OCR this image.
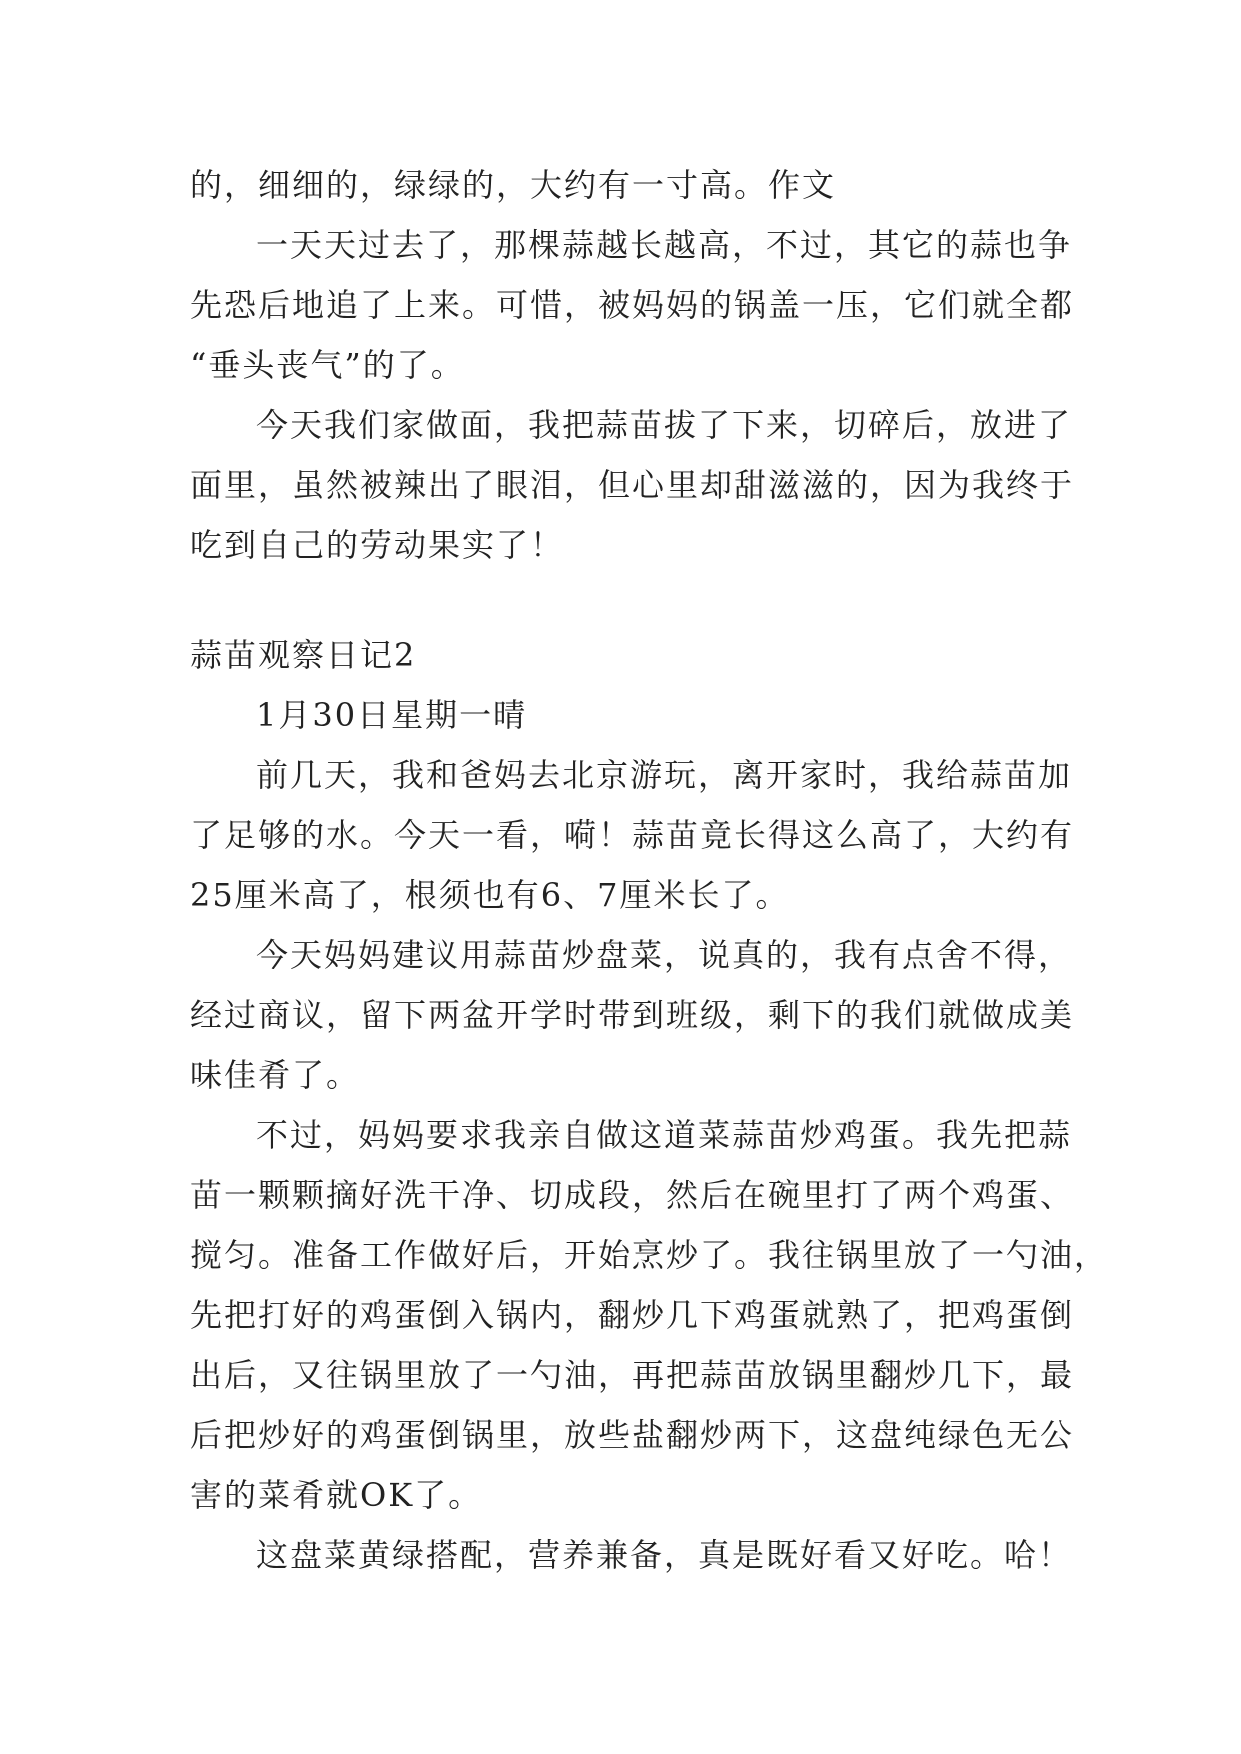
的，细细的，绿绿的，大约有一寸高。作文
一天天过去了，那棵蒜越长越高，不过，其它的蒜也争
先恐后地追了上来。可惜，被妈妈的锅盖一压，它们就全都
“垂头丧气”的了。
今天我们家做面，我把蒜苗拔了下来，切碎后，放进了
面里，虽然被辣出了眼泪，但心里却甜滋滋的，因为我终于
吃到自己的劳动果实了！
蒜苗观察日记2
1月30日星期一晴
前几天，我和爸妈去北京游玩，离开家时，我给蒜苗加
了足够的水。今天一看，嗬！蒜苗竟长得这么高了，大约有
25厘米高了，根须也有6、7厘米长了。
今天妈妈建议用蒜苗炒盘菜，说真的，我有点舍不得，
经过商议，留下两盆开学时带到班级，剩下的我们就做成美
味佳肴了。
不过，妈妈要求我亲自做这道菜蒜苗炒鸡蛋。我先把蒜
苗一颗颗摘好洗干净、切成段，然后在碗里打了两个鸡蛋、
搅匀。准备工作做好后，开始烹炒了。我往锅里放了一勺油，
先把打好的鸡蛋倒入锅内，翻炒几下鸡蛋就熟了，把鸡蛋倒
出后，又往锅里放了一勺油，再把蒜苗放锅里翻炒几下，最
后把炒好的鸡蛋倒锅里，放些盐翻炒两下，这盘纯绿色无公
害的菜肴就OK了。
这盘菜黄绿搭配，营养兼备，真是既好看又好吃。哈！
